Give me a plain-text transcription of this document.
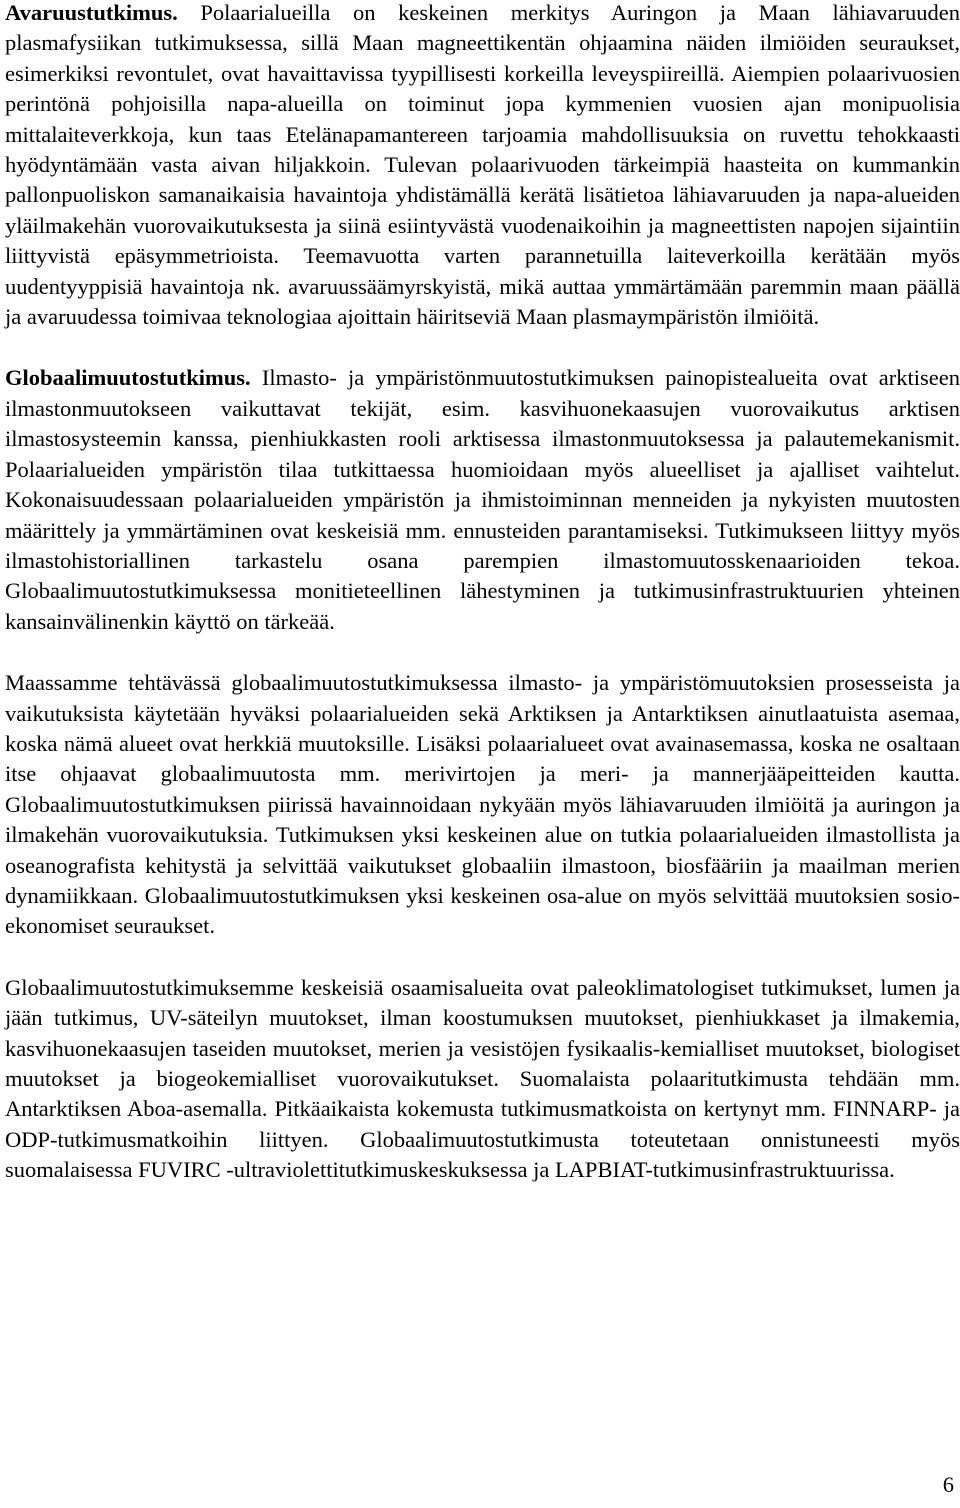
Avaruustutkimus. Polaarialueilla on keskeinen merkitys Auringon ja Maan lähiavaruuden plasmafysiikan tutkimuksessa, sillä Maan magneettikentän ohjaamina näiden ilmiöiden seuraukset, esimerkiksi revontulet, ovat havaittavissa tyypillisesti korkeilla leveyspiireillä. Aiempien polaarivuosien perintönä pohjoisilla napa-alueilla on toiminut jopa kymmenien vuosien ajan monipuolisia mittalaiteverkkoja, kun taas Etelänapamantereen tarjoamia mahdollisuuksia on ruvettu tehokkaasti hyödyntämään vasta aivan hiljakkoin. Tulevan polaarivuoden tärkeimpiä haasteita on kummankin pallonpuoliskon samanaikaisia havaintoja yhdistämällä kerätä lisätietoa lähiavaruuden ja napa-alueiden yläilmakehän vuorovaikutuksesta ja siinä esiintyvästä vuodenaikoihin ja magneettisten napojen sijaintiin liittyvistä epäsymmetrioista. Teemavuotta varten parannetuilla laiteverkoilla kerätään myös uudentyyppisiä havaintoja nk. avaruussäämyrskyistä, mikä auttaa ymmärtämään paremmin maan päällä ja avaruudessa toimivaa teknologiaa ajoittain häiritseviä Maan plasmaympäristön ilmiöitä.

Globaalimuutostutkimus. Ilmasto- ja ympäristönmuutostutkimuksen painopistealueita ovat arktiseen ilmastonmuutokseen vaikuttavat tekijät, esim. kasvihuonekaasujen vuorovaikutus arktisen ilmastosysteemin kanssa, pienhiukkasten rooli arktisessa ilmastonmuutoksessa ja palautemekanismit. Polaarialueiden ympäristön tilaa tutkittaessa huomioidaan myös alueelliset ja ajalliset vaihtelut. Kokonaisuudessaan polaarialueiden ympäristön ja ihmistoiminnan menneiden ja nykyisten muutosten määrittely ja ymmärtäminen ovat keskeisiä mm. ennusteiden parantamiseksi. Tutkimukseen liittyy myös ilmastohistoriallinen tarkastelu osana parempien ilmastomuutosskenaarioiden tekoa. Globaalimuutostutkimuksessa monitieteellinen lähestyminen ja tutkimusinfrastruktuurien yhteinen kansainvälinenkin käyttö on tärkeää.

Maassamme tehtävässä globaalimuutostutkimuksessa ilmasto- ja ympäristömuutoksien prosesseista ja vaikutuksista käytetään hyväksi polaarialueiden sekä Arktiksen ja Antarktiksen ainutlaatuista asemaa, koska nämä alueet ovat herkkiä muutoksille. Lisäksi polaarialueet ovat avainasemassa, koska ne osaltaan itse ohjaavat globaalimuutosta mm. merivirtojen ja meri- ja mannerjääpeitteiden kautta. Globaalimuutostutkimuksen piirissä havainnoidaan nykyään myös lähiavaruuden ilmiöitä ja auringon ja ilmakehän vuorovaikutuksia. Tutkimuksen yksi keskeinen alue on tutkia polaarialueiden ilmastollista ja oseanografista kehitystä ja selvittää vaikutukset globaaliin ilmastoon, biosfääriin ja maailman merien dynamiikkaan. Globaalimuutostutkimuksen yksi keskeinen osa-alue on myös selvittää muutoksien sosio-ekonomiset seuraukset.

Globaalimuutostutkimuksemme keskeisiä osaamisalueita ovat paleoklimatologiset tutkimukset, lumen ja jään tutkimus, UV-säteilyn muutokset, ilman koostumuksen muutokset, pienhiukkaset ja ilmakemia, kasvihuonekaasujen taseiden muutokset, merien ja vesistöjen fysikaalis-kemialliset muutokset, biologiset muutokset ja biogeokemialliset vuorovaikutukset. Suomalaista polaaritutkimusta tehdään mm. Antarktiksen Aboa-asemalla. Pitkäaikaista kokemusta tutkimusmatkoista on kertynyt mm. FINNARP- ja ODP-tutkimusmatkoihin liittyen. Globaalimuutostutkimusta toteutetaan onnistuneesti myös suomalaisessa FUVIRC -ultraviolettitutkimuskeskuksessa ja LAPBIAT-tutkimusinfrastruktuurissa.

6
